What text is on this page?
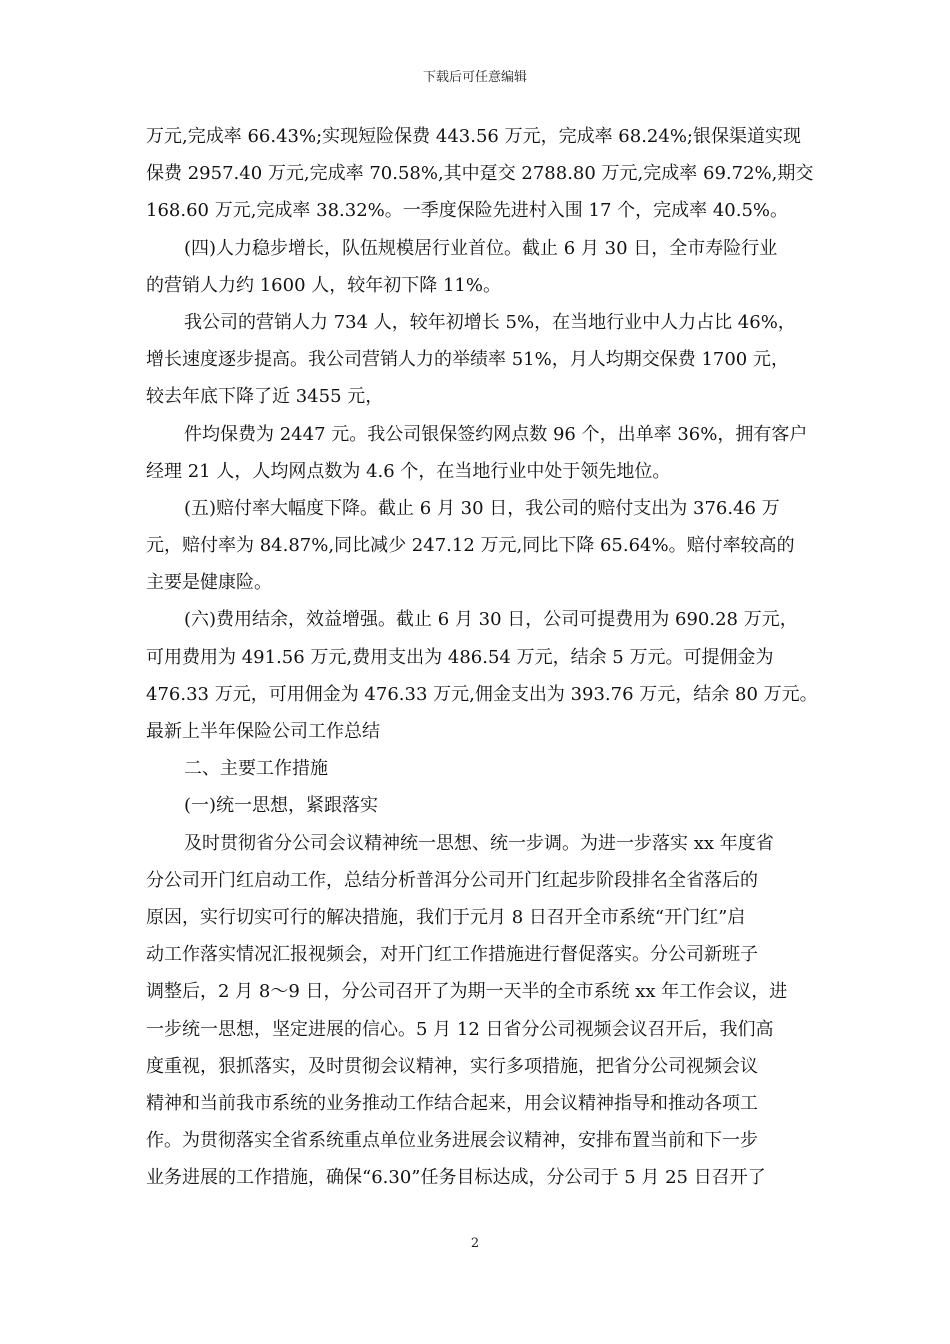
下载后可任意编辑
万元,完成率 66.43%;实现短险保费 443.56 万元，完成率 68.24%;银保渠道实现
保费 2957.40 万元,完成率 70.58%,其中趸交 2788.80 万元,完成率 69.72%,期交
168.60 万元,完成率 38.32%。一季度保险先进村入围 17 个，完成率 40.5%。
(四)人力稳步增长，队伍规模居行业首位。截止 6 月 30 日，全市寿险行业
的营销人力约 1600 人，较年初下降 11%。
我公司的营销人力 734 人，较年初增长 5%，在当地行业中人力占比 46%，
增长速度逐步提高。我公司营销人力的举绩率 51%，月人均期交保费 1700 元，
较去年底下降了近 3455 元，
件均保费为 2447 元。我公司银保签约网点数 96 个，出单率 36%，拥有客户
经理 21 人，人均网点数为 4.6 个，在当地行业中处于领先地位。
(五)赔付率大幅度下降。截止 6 月 30 日，我公司的赔付支出为 376.46 万
元，赔付率为 84.87%,同比减少 247.12 万元,同比下降 65.64%。赔付率较高的
主要是健康险。
(六)费用结余，效益增强。截止 6 月 30 日，公司可提费用为 690.28 万元，
可用费用为 491.56 万元,费用支出为 486.54 万元，结余 5 万元。可提佣金为
476.33 万元，可用佣金为 476.33 万元,佣金支出为 393.76 万元，结余 80 万元。
最新上半年保险公司工作总结
二、主要工作措施
(一)统一思想，紧跟落实
及时贯彻省分公司会议精神统一思想、统一步调。为进一步落实 xx 年度省
分公司开门红启动工作，总结分析普洱分公司开门红起步阶段排名全省落后的
原因，实行切实可行的解决措施，我们于元月 8 日召开全市系统“开门红”启
动工作落实情况汇报视频会，对开门红工作措施进行督促落实。分公司新班子
调整后，2 月 8～9 日，分公司召开了为期一天半的全市系统 xx 年工作会议，进
一步统一思想，坚定进展的信心。5 月 12 日省分公司视频会议召开后，我们高
度重视，狠抓落实，及时贯彻会议精神，实行多项措施，把省分公司视频会议
精神和当前我市系统的业务推动工作结合起来，用会议精神指导和推动各项工
作。为贯彻落实全省系统重点单位业务进展会议精神，安排布置当前和下一步
业务进展的工作措施，确保“6.30”任务目标达成，分公司于 5 月 25 日召开了
2
